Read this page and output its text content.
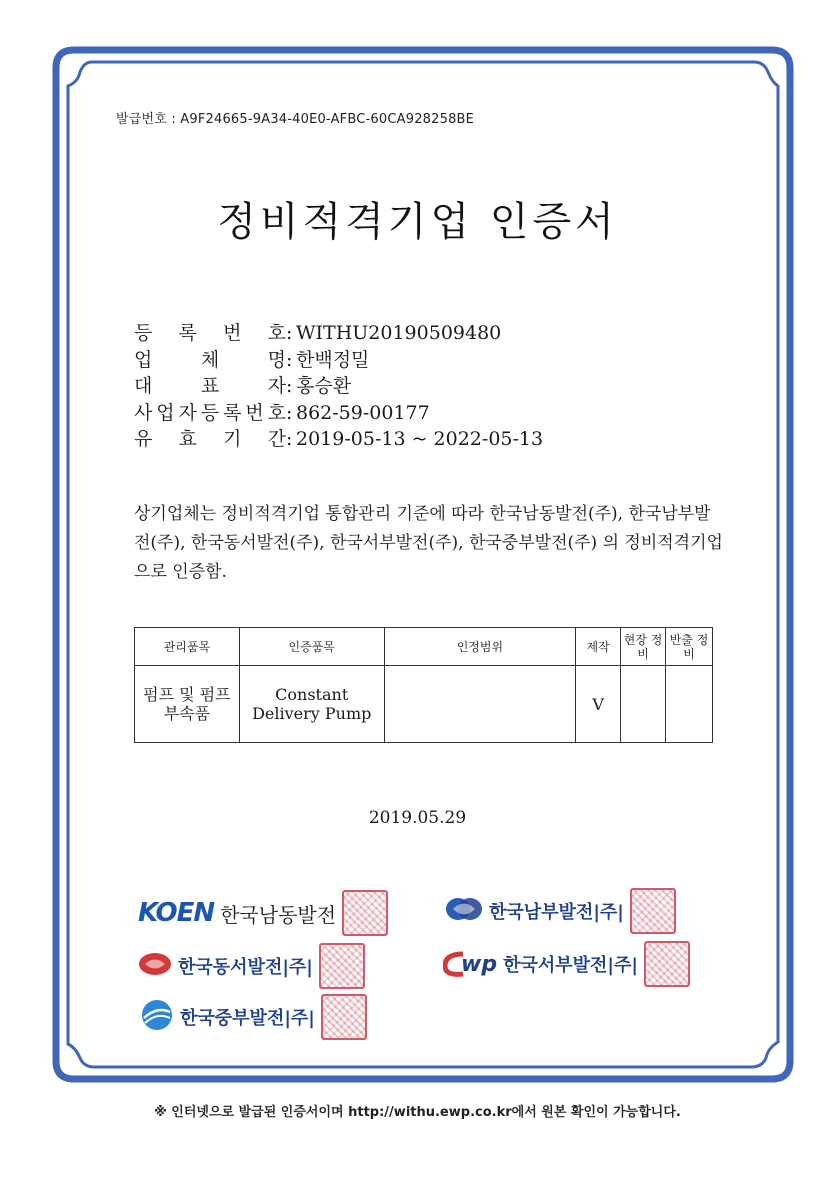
발급번호 : A9F24665-9A34-40E0-AFBC-60CA928258BE
정비적격기업 인증서
등 록 번 호 : WITHU20190509480
업	체	명 : 한백정밀
대	표	자 : 홍승환
사 업 자 등 록 번 호 : 862-59-00177
유 효 기 간 : 2019-05-13 ~ 2022-05-13
상기업체는 정비적격기업 통합관리 기준에 따라 한국남동발전(주), 한국남부발전(주), 한국동서발전(주), 한국서부발전(주), 한국중부발전(주) 의 정비적격기업으로 인증함.
관리품목	인증품목	인정범위	제작	현장 정비	반출 정비
펌프 및 펌프 부속품	Constant Delivery Pump		V		
2019.05.29
KOEN 한국남동발전	한국남부발전|주|
한국동서발전|주|	wp 한국서부발전|주|
한국중부발전|주|
※ 인터넷으로 발급된 인증서이며 http://withu.ewp.co.kr에서 원본 확인이 가능합니다.
